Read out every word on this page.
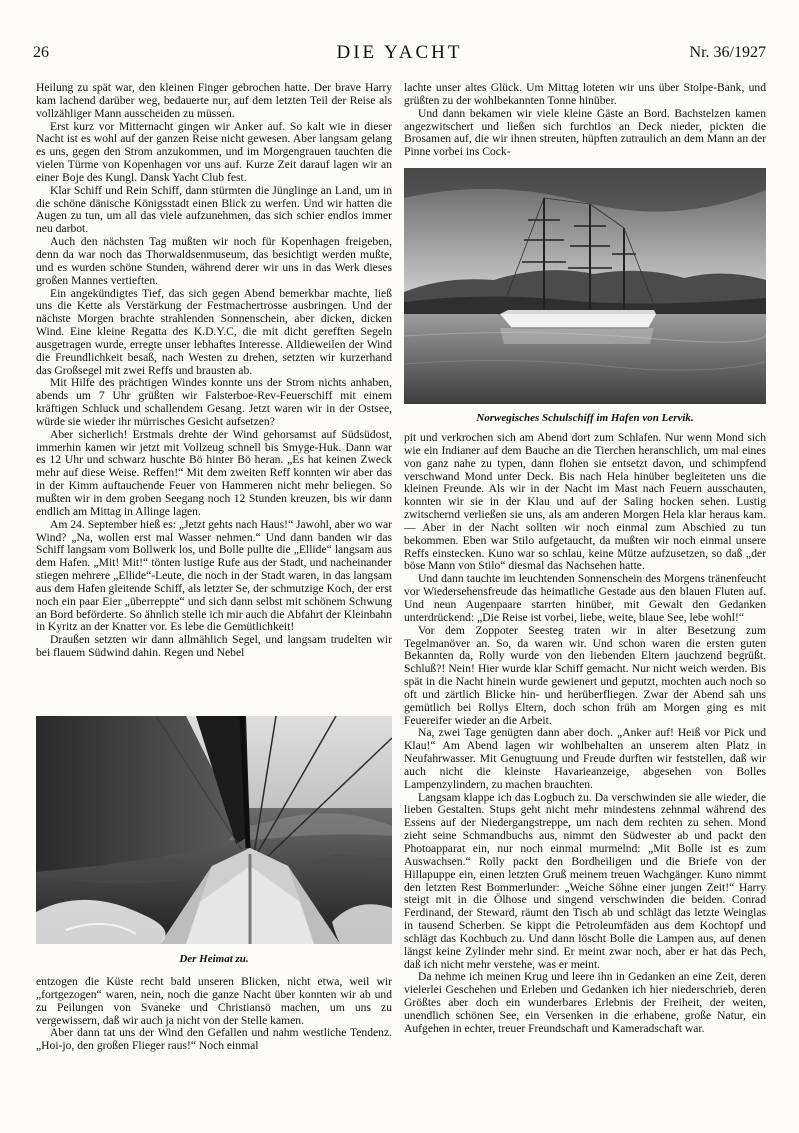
26	DIE YACHT	Nr. 36/1927

Heilung zu spät war, den kleinen Finger gebrochen hatte. Der brave Harry kam lachend darüber weg, bedauerte nur, auf dem letzten Teil der Reise als vollzähliger Mann ausscheiden zu müssen.

Erst kurz vor Mitternacht gingen wir Anker auf. So kalt wie in dieser Nacht ist es wohl auf der ganzen Reise nicht gewesen. Aber langsam gelang es uns, gegen den Strom anzukommen, und im Morgengrauen tauchten die vielen Türme von Kopenhagen vor uns auf. Kurze Zeit darauf lagen wir an einer Boje des Kungl. Dansk Yacht Club fest.

Klar Schiff und Rein Schiff, dann stürmten die Jünglinge an Land, um in die schöne dänische Königsstadt einen Blick zu werfen. Und wir hatten die Augen zu tun, um all das viele aufzunehmen, das sich schier endlos immer neu darbot.

Auch den nächsten Tag mußten wir noch für Kopenhagen freigeben, denn da war noch das Thorwaldsenmuseum, das besichtigt werden mußte, und es wurden schöne Stunden, während derer wir uns in das Werk dieses großen Mannes vertieften.

Ein angekündigtes Tief, das sich gegen Abend bemerkbar machte, ließ uns die Kette als Verstärkung der Festmachertrosse ausbringen. Und der nächste Morgen brachte strahlenden Sonnenschein, aber dicken, dicken Wind. Eine kleine Regatta des K.D.Y.C, die mit dicht gerefften Segeln ausgetragen wurde, erregte unser lebhaftes Interesse. Alldieweilen der Wind die Freundlichkeit besaß, nach Westen zu drehen, setzten wir kurzerhand das Großsegel mit zwei Reffs und brausten ab.

Mit Hilfe des prächtigen Windes konnte uns der Strom nichts anhaben, abends um 7 Uhr grüßten wir Falsterboe-Rev-Feuerschiff mit einem kräftigen Schluck und schallendem Gesang. Jetzt waren wir in der Ostsee, würde sie wieder ihr mürrisches Gesicht aufsetzen?

Aber sicherlich! Erstmals drehte der Wind gehorsamst auf Südsüdost, immerhin kamen wir jetzt mit Vollzeug schnell bis Smyge-Huk. Dann war es 12 Uhr und schwarz huschte Bö hinter Bö heran. „Es hat keinen Zweck mehr auf diese Weise. Reffen!“ Mit dem zweiten Reff konnten wir aber das in der Kimm auftauchende Feuer von Hammeren nicht mehr beliegen. So mußten wir in dem groben Seegang noch 12 Stunden kreuzen, bis wir dann endlich am Mittag in Allinge lagen.

Am 24. September hieß es: „Jetzt gehts nach Haus!“ Jawohl, aber wo war Wind? „Na, wollen erst mal Wasser nehmen.“ Und dann banden wir das Schiff langsam vom Bollwerk los, und Bolle pullte die „Ellide“ langsam aus dem Hafen. „Mit! Mit!“ tönten lustige Rufe aus der Stadt, und nacheinander stiegen mehrere „Ellide“-Leute, die noch in der Stadt waren, in das langsam aus dem Hafen gleitende Schiff, als letzter Se, der schmutzige Koch, der erst noch ein paar Eier „überreppte“ und sich dann selbst mit schönem Schwung an Bord beförderte. So ähnlich stelle ich mir auch die Abfahrt der Kleinbahn in Kyritz an der Knatter vor. Es lebe die Gemütlichkeit!

Draußen setzten wir dann allmählich Segel, und langsam trudelten wir bei flauem Südwind dahin. Regen und Nebel

Der Heimat zu.

entzogen die Küste recht bald unseren Blicken, nicht etwa, weil wir „fortgezogen“ waren, nein, noch die ganze Nacht über konnten wir ab und zu Peilungen von Svaneke und Christiansö machen, um uns zu vergewissern, daß wir auch ja nicht von der Stelle kamen.

Aber dann tat uns der Wind den Gefallen und nahm westliche Tendenz. „Hoi-jo, den großen Flieger raus!“ Noch einmal

lachte unser altes Glück. Um Mittag loteten wir uns über Stolpe-Bank, und grüßten zu der wohlbekannten Tonne hinüber.

Und dann bekamen wir viele kleine Gäste an Bord. Bachstelzen kamen angezwitschert und ließen sich furchtlos an Deck nieder, pickten die Brosamen auf, die wir ihnen streuten, hüpften zutraulich an dem Mann an der Pinne vorbei ins Cock-

Norwegisches Schulschiff im Hafen von Lervik.

pit und verkrochen sich am Abend dort zum Schlafen. Nur wenn Mond sich wie ein Indianer auf dem Bauche an die Tierchen heranschlich, um mal eines von ganz nahe zu typen, dann flohen sie entsetzt davon, und schimpfend verschwand Mond unter Deck. Bis nach Hela hinüber begleiteten uns die kleinen Freunde. Als wir in der Nacht im Mast nach Feuern ausschauten, konnten wir sie in der Klau und auf der Saling hocken sehen. Lustig zwitschernd verließen sie uns, als am anderen Morgen Hela klar heraus kam. — Aber in der Nacht sollten wir noch einmal zum Abschied zu tun bekommen. Eben war Stilo aufgetaucht, da mußten wir noch einmal unsere Reffs einstecken. Kuno war so schlau, keine Mütze aufzusetzen, so daß „der böse Mann von Stilo“ diesmal das Nachsehen hatte.

Und dann tauchte im leuchtenden Sonnenschein des Morgens tränenfeucht vor Wiedersehensfreude das heimatliche Gestade aus den blauen Fluten auf. Und neun Augenpaare starrten hinüber, mit Gewalt den Gedanken unterdrückend: „Die Reise ist vorbei, liebe, weite, blaue See, lebe wohl!“

Vor dem Zoppoter Seesteg traten wir in alter Besetzung zum Tegelmanöver an. So, da waren wir. Und schon waren die ersten guten Bekannten da, Rolly wurde von den liebenden Eltern jauchzend begrüßt. Schluß?! Nein! Hier wurde klar Schiff gemacht. Nur nicht weich werden. Bis spät in die Nacht hinein wurde gewienert und geputzt, mochten auch noch so oft und zärtlich Blicke hin- und herüberfliegen. Zwar der Abend sah uns gemütlich bei Rollys Eltern, doch schon früh am Morgen ging es mit Feuereifer wieder an die Arbeit.

Na, zwei Tage genügten dann aber doch. „Anker auf! Heiß vor Pick und Klau!“ Am Abend lagen wir wohlbehalten an unserem alten Platz in Neufahrwasser. Mit Genugtuung und Freude durften wir feststellen, daß wir auch nicht die kleinste Havarieanzeige, abgesehen von Bolles Lampenzylindern, zu machen brauchten.

Langsam klappe ich das Logbuch zu. Da verschwinden sie alle wieder, die lieben Gestalten. Stups geht nicht mehr mindestens zehnmal während des Essens auf der Niedergangstreppe, um nach dem rechten zu sehen. Mond zieht seine Schmandbuchs aus, nimmt den Südwester ab und packt den Photoapparat ein, nur noch einmal murmelnd: „Mit Bolle ist es zum Auswachsen.“ Rolly packt den Bordheiligen und die Briefe von der Hillapuppe ein, einen letzten Gruß meinem treuen Wachgänger. Kuno nimmt den letzten Rest Bommerlunder: „Weiche Söhne einer jungen Zeit!“ Harry steigt mit in die Ölhose und singend verschwinden die beiden. Conrad Ferdinand, der Steward, räumt den Tisch ab und schlägt das letzte Weinglas in tausend Scherben. Se kippt die Petroleumfäden aus dem Kochtopf und schlägt das Kochbuch zu. Und dann löscht Bolle die Lampen aus, auf denen längst keine Zylinder mehr sind. Er meint zwar noch, aber er hat das Pech, daß ich nicht mehr verstehe, was er meint.

Da nehme ich meinen Krug und leere ihn in Gedanken an eine Zeit, deren vielerlei Geschehen und Erleben und Gedanken ich hier niederschrieb, deren Größtes aber doch ein wunderbares Erlebnis der Freiheit, der weiten, unendlich schönen See, ein Versenken in die erhabene, große Natur, ein Aufgehen in echter, treuer Freundschaft und Kameradschaft war.
